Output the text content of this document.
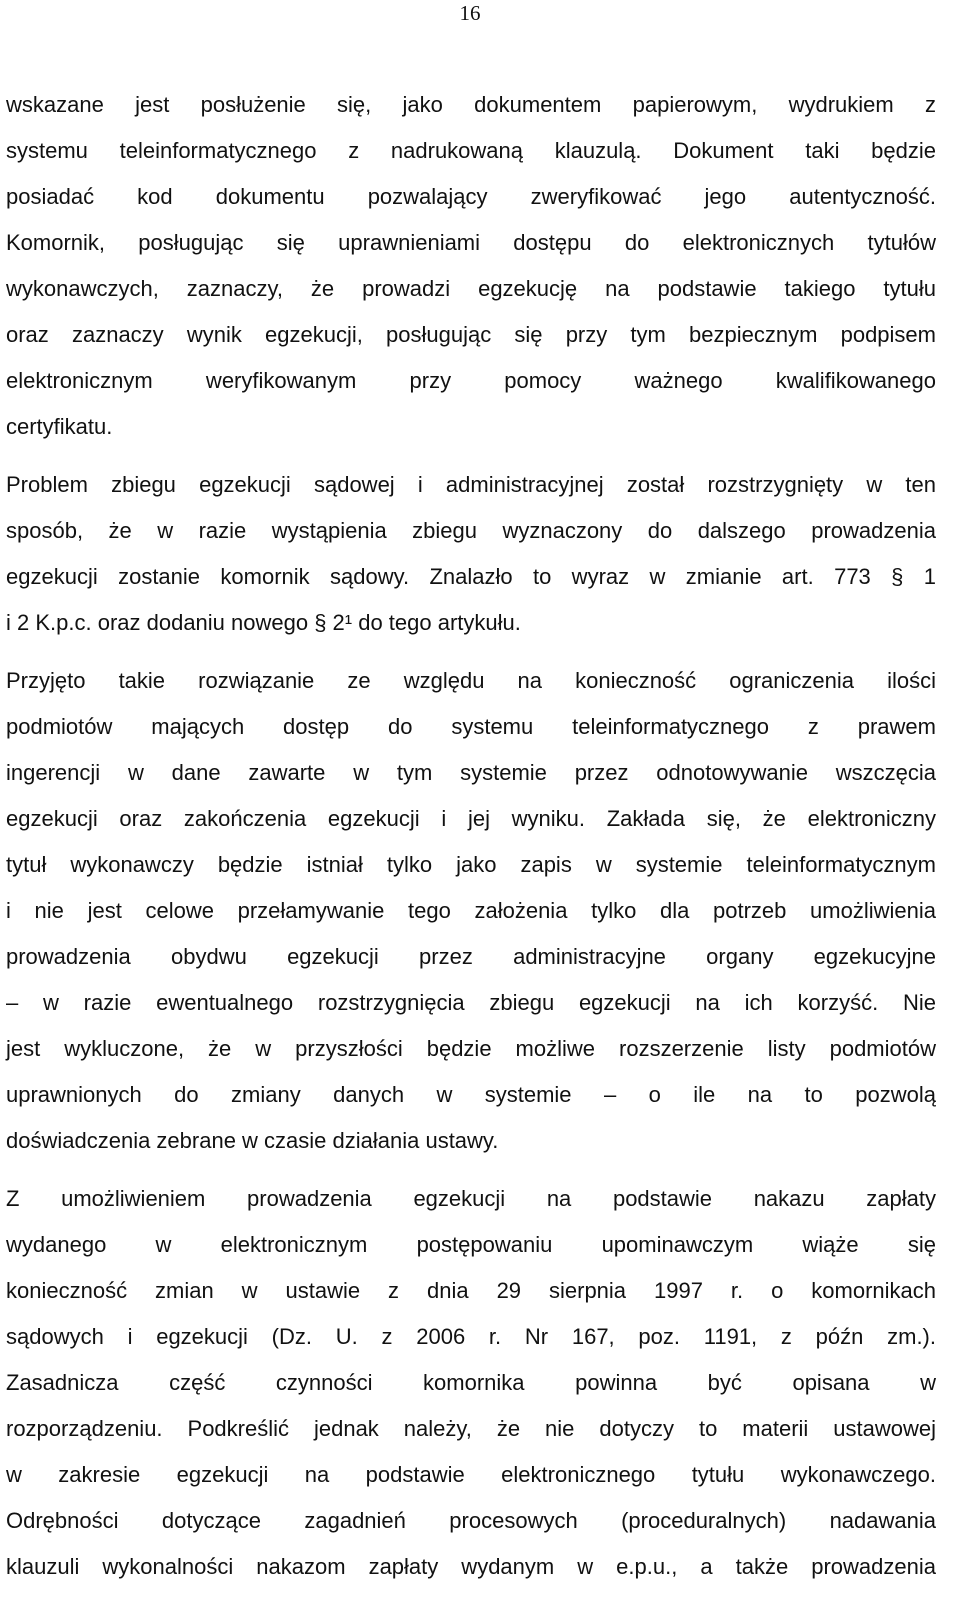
16
wskazane jest posłużenie się, jako dokumentem papierowym, wydrukiem z
systemu teleinformatycznego z nadrukowaną klauzulą. Dokument taki będzie
posiadać kod dokumentu pozwalający zweryfikować jego autentyczność.
Komornik, posługując się uprawnieniami dostępu do elektronicznych tytułów
wykonawczych, zaznaczy, że prowadzi egzekucję na podstawie takiego tytułu
oraz zaznaczy wynik egzekucji, posługując się przy tym bezpiecznym podpisem
elektronicznym weryfikowanym przy pomocy ważnego kwalifikowanego
certyfikatu.
Problem zbiegu egzekucji sądowej i administracyjnej został rozstrzygnięty w ten
sposób, że w razie wystąpienia zbiegu wyznaczony do dalszego prowadzenia
egzekucji zostanie komornik sądowy. Znalazło to wyraz w zmianie art. 773 § 1
i 2 K.p.c. oraz dodaniu nowego § 2¹ do tego artykułu.
Przyjęto takie rozwiązanie ze względu na konieczność ograniczenia ilości
podmiotów mających dostęp do systemu teleinformatycznego z prawem
ingerencji w dane zawarte w tym systemie przez odnotowywanie wszczęcia
egzekucji oraz zakończenia egzekucji i jej wyniku. Zakłada się, że elektroniczny
tytuł wykonawczy będzie istniał tylko jako zapis w systemie teleinformatycznym
i nie jest celowe przełamywanie tego założenia tylko dla potrzeb umożliwienia
prowadzenia obydwu egzekucji przez administracyjne organy egzekucyjne
– w razie ewentualnego rozstrzygnięcia zbiegu egzekucji na ich korzyść. Nie
jest wykluczone, że w przyszłości będzie możliwe rozszerzenie listy podmiotów
uprawnionych do zmiany danych w systemie – o ile na to pozwolą
doświadczenia zebrane w czasie działania ustawy.
Z umożliwieniem prowadzenia egzekucji na podstawie nakazu zapłaty
wydanego w elektronicznym postępowaniu upominawczym wiąże się
konieczność zmian w ustawie z dnia 29 sierpnia 1997 r. o komornikach
sądowych i egzekucji (Dz. U. z 2006 r. Nr 167, poz. 1191, z późn zm.).
Zasadnicza część czynności komornika powinna być opisana w
rozporządzeniu. Podkreślić jednak należy, że nie dotyczy to materii ustawowej
w zakresie egzekucji na podstawie elektronicznego tytułu wykonawczego.
Odrębności dotyczące zagadnień procesowych (proceduralnych) nadawania
klauzuli wykonalności nakazom zapłaty wydanym w e.p.u., a także prowadzenia
